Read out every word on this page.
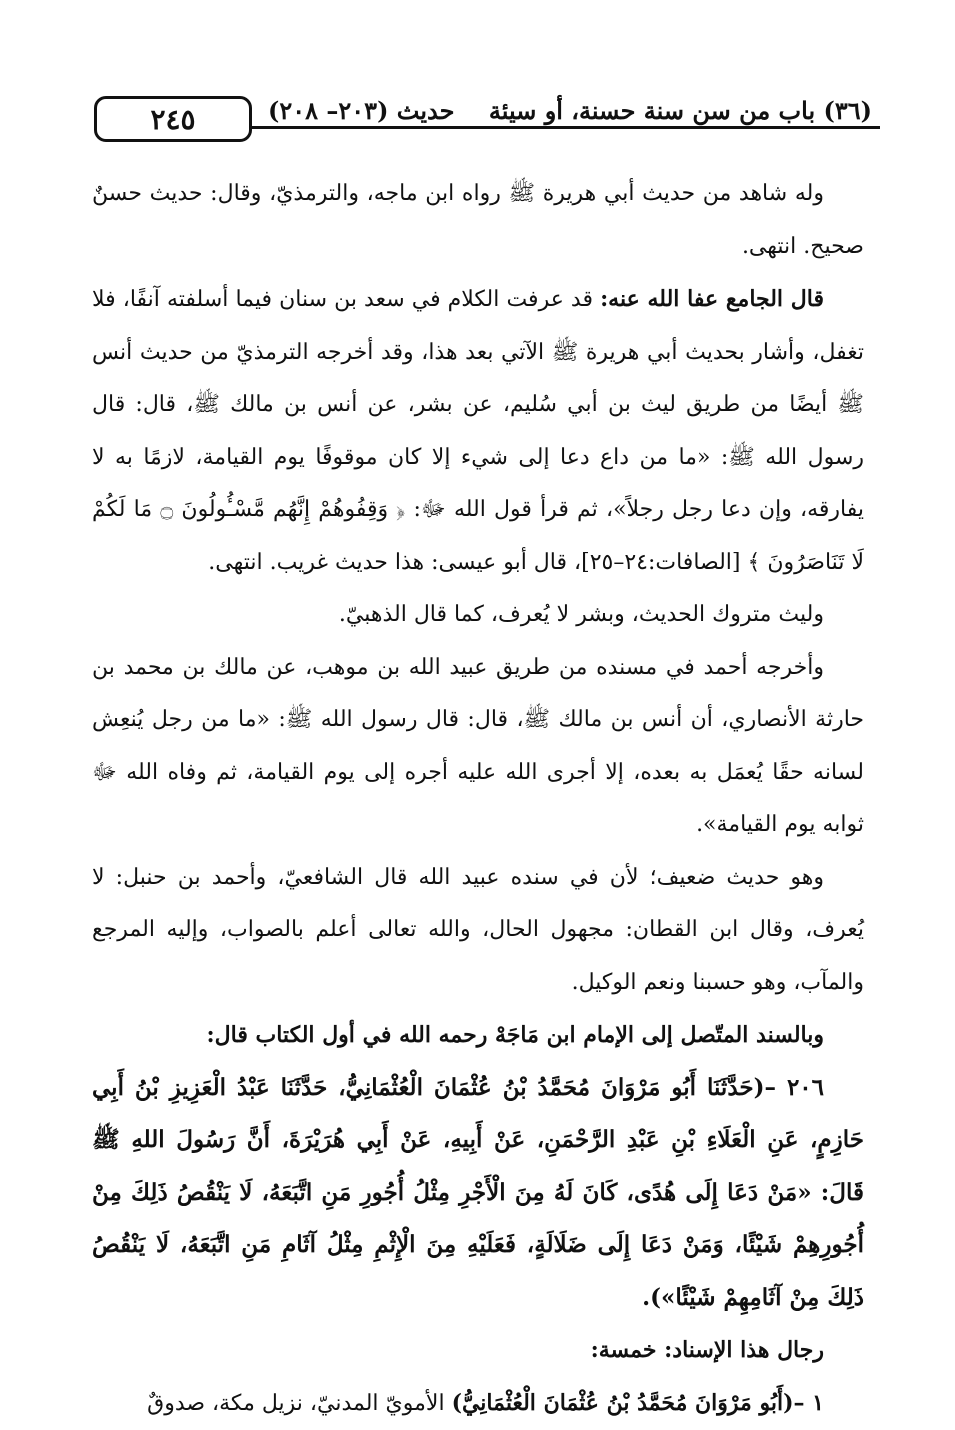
(٣٦) باب من سن سنة حسنة، أو سيئة
حديث (٢٠٣– ٢٠٨)
٢٤٥

وله شاهد من حديث أبي هريرة ﷺ رواه ابن ماجه، والترمذيّ، وقال: حديث حسنٌ صحيح. انتهى.

قال الجامع عفا الله عنه: قد عرفت الكلام في سعد بن سنان فيما أسلفته آنفًا، فلا تغفل، وأشار بحديث أبي هريرة ﷺ الآتي بعد هذا، وقد أخرجه الترمذيّ من حديث أنس ﷺ أيضًا من طريق ليث بن أبي سُليم، عن بشر، عن أنس بن مالك ﷺ، قال: قال رسول الله ﷺ: «ما من داع دعا إلى شيء إلا كان موقوفًا يوم القيامة، لازمًا به لا يفارقه، وإن دعا رجل رجلاً»، ثم قرأ قول الله ﷻ: ﴿ وَقِفُوهُمْ إِنَّهُم مَّسْـُٔولُونَ ۝ مَا لَكُمْ لَا تَنَاصَرُونَ ﴾ [الصافات:٢٤–٢٥]، قال أبو عيسى: هذا حديث غريب. انتهى.

وليث متروك الحديث، وبشر لا يُعرف، كما قال الذهبيّ.

وأخرجه أحمد في مسنده من طريق عبيد الله بن موهب، عن مالك بن محمد بن حارثة الأنصاري، أن أنس بن مالك ﷺ، قال: قال رسول الله ﷺ: «ما من رجل يُنعِش لسانه حقًا يُعمَل به بعده، إلا أجرى الله عليه أجره إلى يوم القيامة، ثم وفاه الله ﷻ ثوابه يوم القيامة».

وهو حديث ضعيف؛ لأن في سنده عبيد الله قال الشافعيّ، وأحمد بن حنبل: لا يُعرف، وقال ابن القطان: مجهول الحال، والله تعالى أعلم بالصواب، وإليه المرجع والمآب، وهو حسبنا ونعم الوكيل.

وبالسند المتّصل إلى الإمام ابن مَاجَهْ رحمه الله في أول الكتاب قال:

٢٠٦ –(حَدَّثَنَا أَبُو مَرْوَانَ مُحَمَّدُ بْنُ عُثْمَانَ الْعُثْمَانِيُّ، حَدَّثَنَا عَبْدُ الْعَزِيزِ بْنُ أَبِي حَازِمٍ، عَنِ الْعَلَاءِ بْنِ عَبْدِ الرَّحْمَنِ، عَنْ أَبِيهِ، عَنْ أَبِي هُرَيْرَةَ، أَنَّ رَسُولَ اللهِ ﷺ قَالَ: «مَنْ دَعَا إِلَى هُدًى، كَانَ لَهُ مِنَ الْأَجْرِ مِثْلُ أُجُورِ مَنِ اتَّبَعَهُ، لَا يَنْقُصُ ذَلِكَ مِنْ أُجُورِهِمْ شَيْئًا، وَمَنْ دَعَا إِلَى ضَلَالَةٍ، فَعَلَيْهِ مِنَ الْإِثْمِ مِثْلُ آثَامِ مَنِ اتَّبَعَهُ، لَا يَنْقُصُ ذَلِكَ مِنْ آثَامِهِمْ شَيْئًا»).

رجال هذا الإسناد: خمسة:

١ –(أَبُو مَرْوَانَ مُحَمَّدُ بْنُ عُثْمَانَ الْعُثْمَانِيُّ) الأمويّ المدنيّ، نزيل مكة، صدوقٌ
